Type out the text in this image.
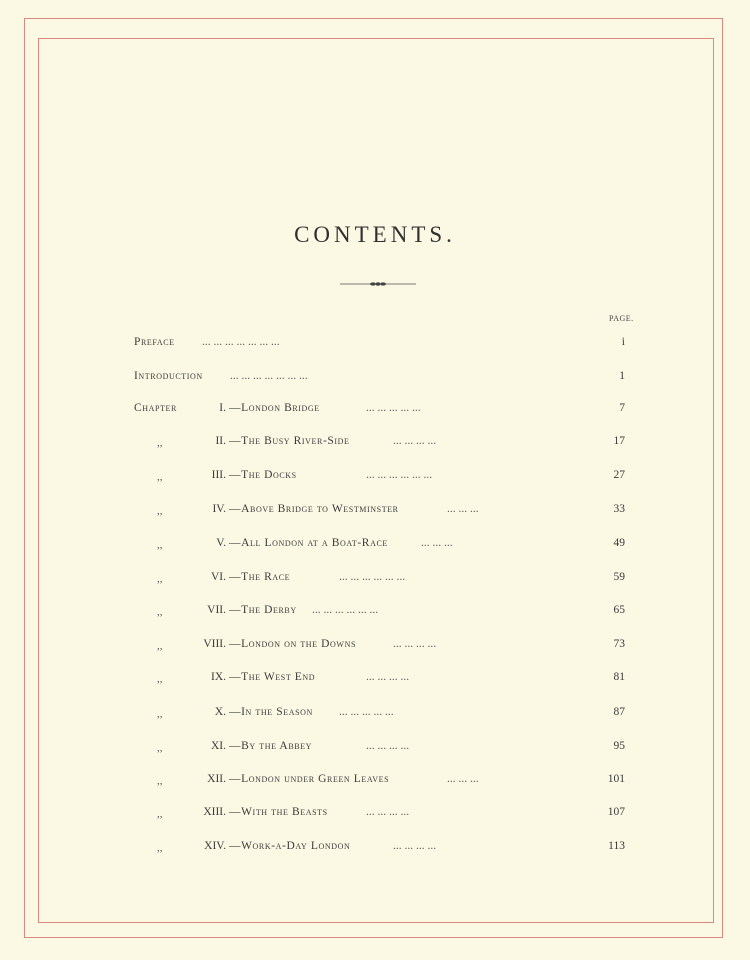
CONTENTS.
PAGE.
Preface ... ... ... ... ... ... ...	i
Introduction ... ... ... ... ... ... ...	1
Chapter	I. —London Bridge	... ... ... ... ...	7
,,	II. —The Busy River-Side	... ... ... ...	17
,,	III. —The Docks	... ... ... ... ... ...	27
,,	IV. —Above Bridge to Westminster	... ... ...	33
,,	V. —All London at a Boat-Race	... ... ...	49
,,	VI. —The Race	... ... ... ... ... ...	59
,,	VII. —The Derby ... ... ... ... ... ...	65
,,	VIII. —London on the Downs	... ... ... ...	73
,,	IX. —The West End	... ... ... ...	81
,,	X. —In the Season ... ... ... ... ...	87
,,	XI. —By the Abbey	... ... ... ...	95
,,	XII. —London under Green Leaves	... ... ...	101
,,	XIII. —With the Beasts	... ... ... ...	107
,,	XIV. —Work-a-Day London	... ... ... ...	113
